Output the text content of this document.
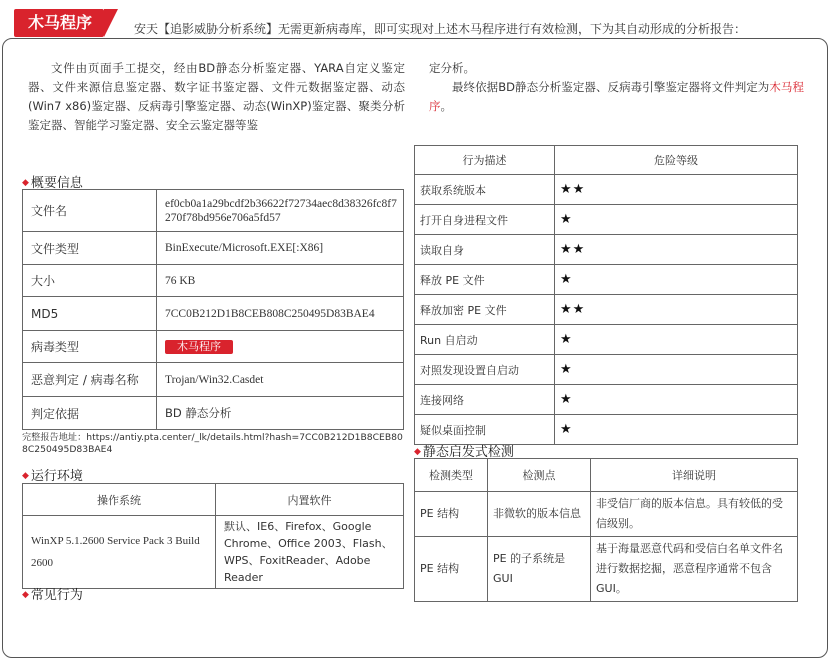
木马程序	安天【追影威胁分析系统】无需更新病毒库，即可实现对上述木马程序进行有效检测，下为其自动形成的分析报告：
文件由页面手工提交，经由BD静态分析鉴定器、YARA自定义鉴定器、文件来源信息鉴定器、数字证书鉴定器、文件元数据鉴定器、动态(Win7 x86)鉴定器、反病毒引擎鉴定器、动态(WinXP)鉴定器、聚类分析鉴定器、智能学习鉴定器、安全云鉴定器等鉴
定分析。
最终依据BD静态分析鉴定器、反病毒引擎鉴定器将文件判定为木马程序。
◆ 概要信息
文件名	ef0cb0a1a29bcdf2b36622f72734aec8d38326fc8f7270f78bd956e706a5fd57
文件类型	BinExecute/Microsoft.EXE[:X86]
大小	76 KB
MD5	7CC0B212D1B8CEB808C250495D83BAE4
病毒类型	木马程序
恶意判定 / 病毒名称	Trojan/Win32.Casdet
判定依据	BD 静态分析
完整报告地址：https://antiy.pta.center/_lk/details.html?hash=7CC0B212D1B8CEB808C250495D83BAE4
◆ 运行环境
操作系统	内置软件
WinXP 5.1.2600 Service Pack 3 Build 2600	默认、IE6、Firefox、Google Chrome、Office 2003、Flash、WPS、FoxitReader、Adobe Reader
◆ 常见行为
行为描述	危险等级
获取系统版本	★★
打开自身进程文件	★
读取自身	★★
释放 PE 文件	★
释放加密 PE 文件	★★
Run 自启动	★
对照发现设置自启动	★
连接网络	★
疑似桌面控制	★
◆ 静态启发式检测
检测类型	检测点	详细说明
PE 结构	非微软的版本信息	非受信厂商的版本信息。具有较低的受信级别。
PE 结构	PE 的子系统是 GUI	基于海量恶意代码和受信白名单文件名进行数据挖掘，恶意程序通常不包含 GUI。
